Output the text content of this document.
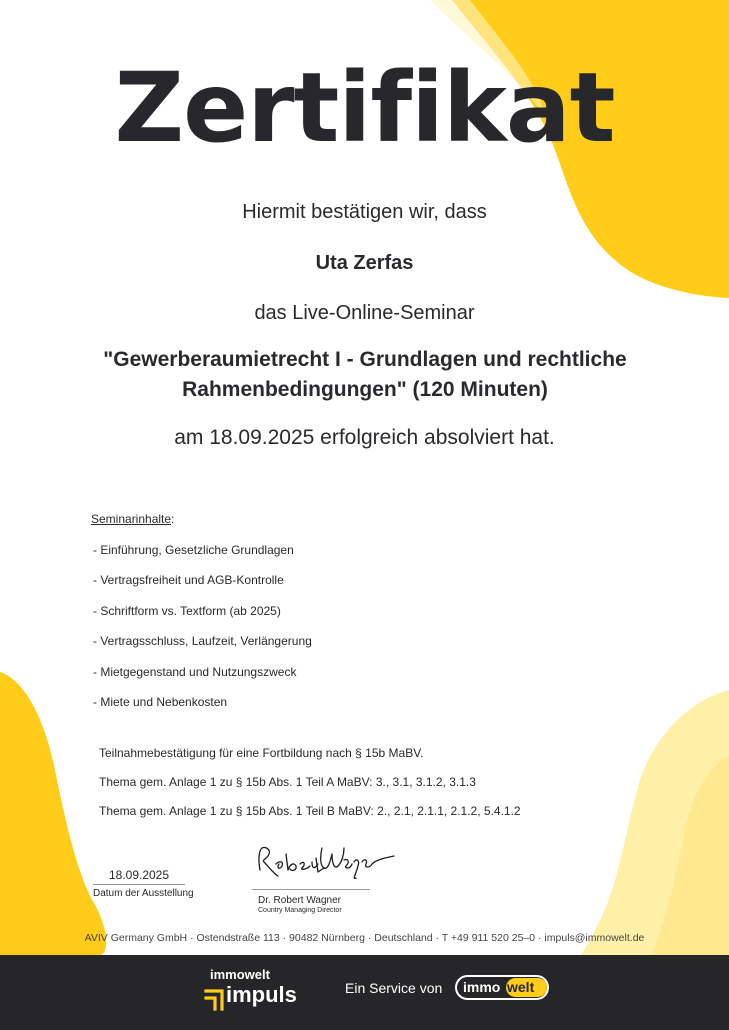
Zertifikat
Hiermit bestätigen wir, dass
Uta Zerfas
das Live-Online-Seminar
"Gewerberaumietrecht I - Grundlagen und rechtliche
Rahmenbedingungen" (120 Minuten)
am 18.09.2025 erfolgreich absolviert hat.
Seminarinhalte:
- Einführung, Gesetzliche Grundlagen
- Vertragsfreiheit und AGB-Kontrolle
- Schriftform vs. Textform (ab 2025)
- Vertragsschluss, Laufzeit, Verlängerung
- Mietgegenstand und Nutzungszweck
- Miete und Nebenkosten
Teilnahmebestätigung für eine Fortbildung nach § 15b MaBV.
Thema gem. Anlage 1 zu § 15b Abs. 1 Teil A MaBV: 3., 3.1, 3.1.2, 3.1.3
Thema gem. Anlage 1 zu § 15b Abs. 1 Teil B MaBV: 2., 2.1, 2.1.1, 2.1.2, 5.4.1.2
18.09.2025
Datum der Ausstellung
Dr. Robert Wagner
Country Managing Director
AVIV Germany GmbH · Ostendstraße 113 · 90482 Nürnberg · Deutschland · T +49 911 520 25–0 · impuls@immowelt.de
immowelt
impuls	Ein Service von immo welt
